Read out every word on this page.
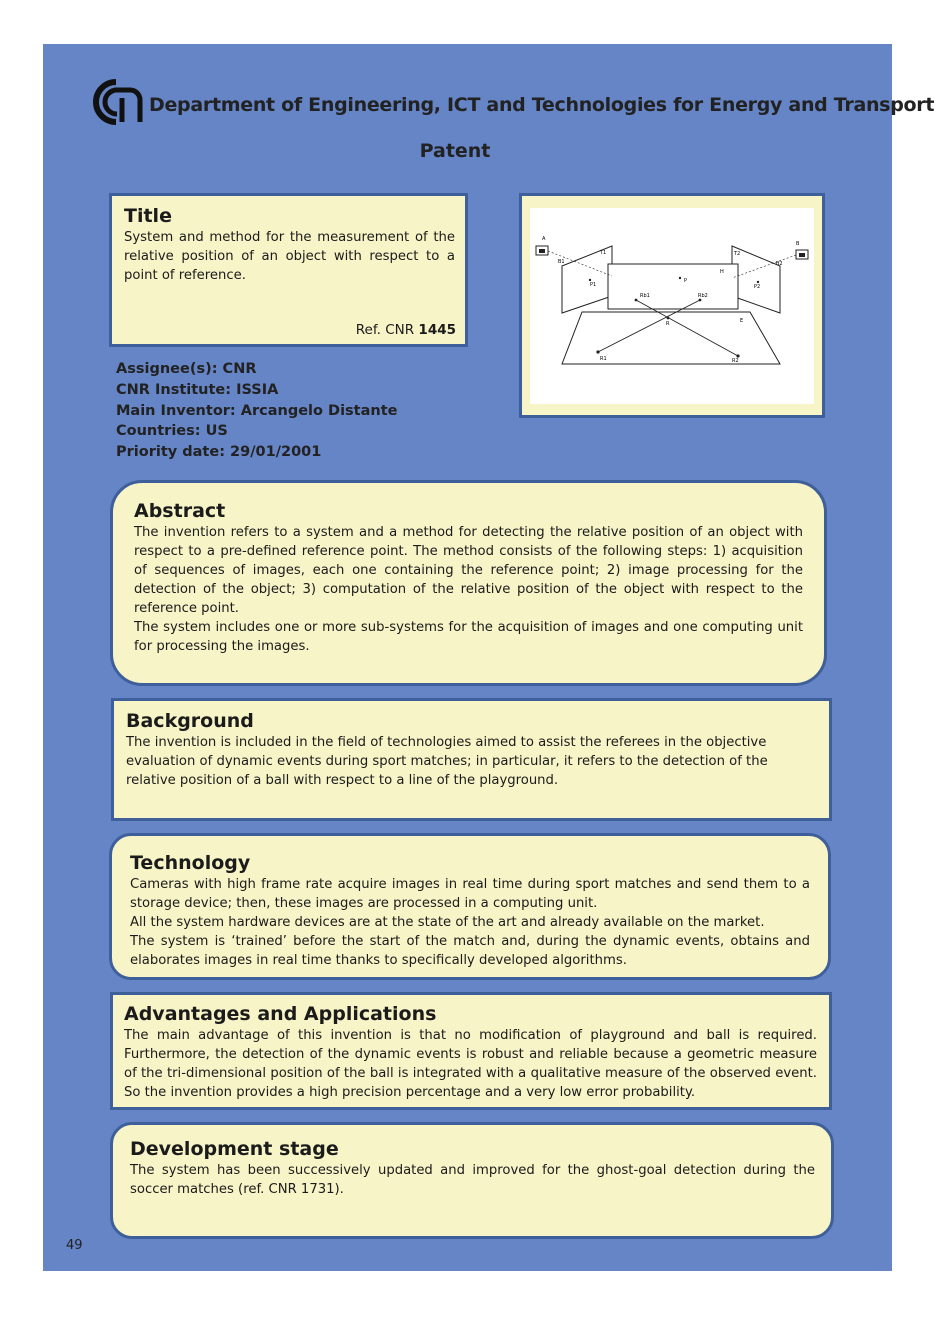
Department of Engineering, ICT and Technologies for Energy and Transport
Patent
Title

System and method for the measurement of the relative position of an object with respect to a point of reference.

Ref. CNR 1445
Assignee(s): CNR
CNR Institute: ISSIA
Main Inventor: Arcangelo Distante
Countries: US
Priority date: 29/01/2001
A
B
B1	B2
T1	T2
P1	P2
H
P
Rb1	Rb2
R	E
R1	R2
Abstract

The invention refers to a system and a method for detecting the relative position of an object with respect to a pre-defined reference point. The method consists of the following steps: 1) acquisition of sequences of images, each one containing the reference point; 2) image processing for the detection of the object; 3) computation of the relative position of the object with respect to the reference point.

The system includes one or more sub-systems for the acquisition of images and one computing unit for processing the images.

Background

The invention is included in the field of technologies aimed to assist the referees in the objective evaluation of dynamic events during sport matches; in particular, it refers to the detection of the relative position of a ball with respect to a line of the playground.

Technology

Cameras with high frame rate acquire images in real time during sport matches and send them to a storage device; then, these images are processed in a computing unit.

All the system hardware devices are at the state of the art and already available on the market.

The system is ‘trained’ before the start of the match and, during the dynamic events, obtains and elaborates images in real time thanks to specifically developed algorithms.

Advantages and Applications

The main advantage of this invention is that no modification of playground and ball is required. Furthermore, the detection of the dynamic events is robust and reliable because a geometric measure of the tri-dimensional position of the ball is integrated with a qualitative measure of the observed event. So the invention provides a high precision percentage and a very low error probability.

Development stage

The system has been successively updated and improved for the ghost-goal detection during the soccer matches (ref. CNR 1731).

49
